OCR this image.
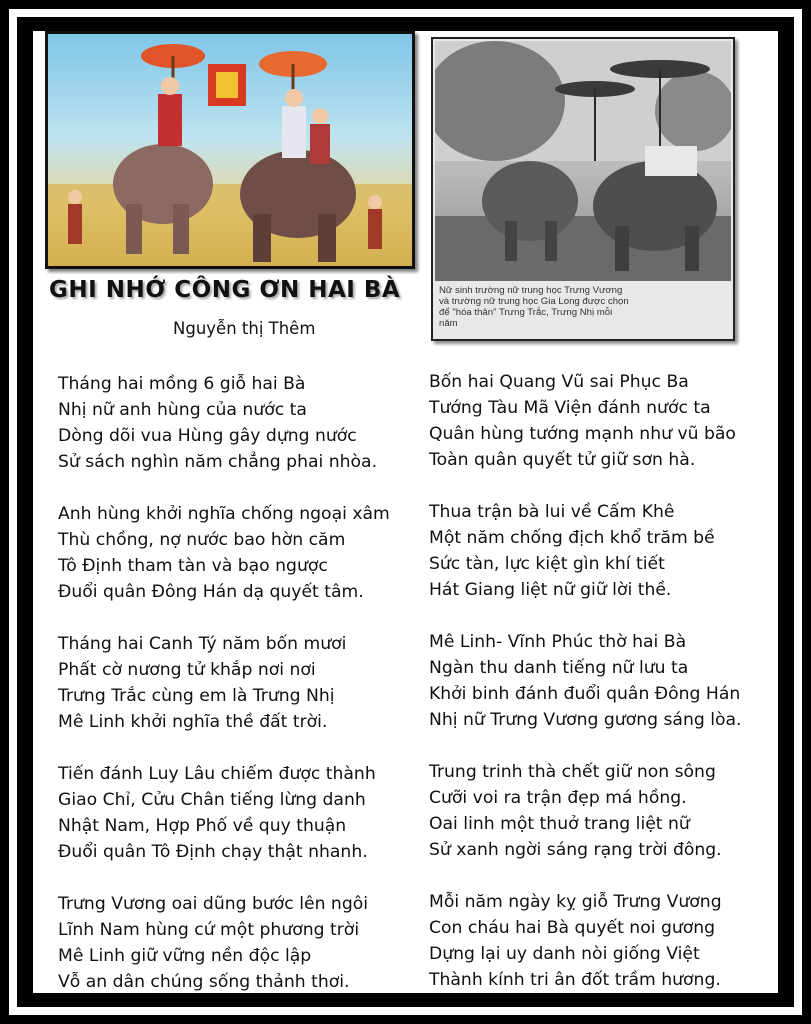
Nữ sinh trường nữ trung học Trưng Vương
và trường nữ trung học Gia Long được chọn
để "hóa thân" Trưng Trắc, Trưng Nhị mỗi
năm
GHI NHỚ CÔNG ƠN HAI BÀ
Nguyễn thị Thêm
Tháng hai mồng 6 giỗ hai Bà
Nhị nữ anh hùng của nước ta
Dòng dõi vua Hùng gây dựng nước
Sử sách nghìn năm chẳng phai nhòa.
Anh hùng khởi nghĩa chống ngoại xâm
Thù chồng, nợ nước bao hờn căm
Tô Định tham tàn và bạo ngược
Đuổi quân Đông Hán dạ quyết tâm.
Tháng hai Canh Tý năm bốn mươi
Phất cờ nương tử khắp nơi nơi
Trưng Trắc cùng em là Trưng Nhị
Mê Linh khởi nghĩa thề đất trời.
Tiến đánh Luy Lâu chiếm được thành
Giao Chỉ, Cửu Chân tiếng lừng danh
Nhật Nam, Hợp Phố về quy thuận
Đuổi quân Tô Định chạy thật nhanh.
Trưng Vương oai dũng bước lên ngôi
Lĩnh Nam hùng cứ một phương trời
Mê Linh giữ vững nền độc lập
Vỗ an dân chúng sống thảnh thơi.
Bốn hai Quang Vũ sai Phục Ba
Tướng Tàu Mã Viện đánh nước ta
Quân hùng tướng mạnh như vũ bão
Toàn quân quyết tử giữ sơn hà.
Thua trận bà lui về Cấm Khê
Một năm chống địch khổ trăm bề
Sức tàn, lực kiệt gìn khí tiết
Hát Giang liệt nữ giữ lời thề.
Mê Linh- Vĩnh Phúc thờ hai Bà
Ngàn thu danh tiếng nữ lưu ta
Khởi binh đánh đuổi quân Đông Hán
Nhị nữ Trưng Vương gương sáng lòa.
Trung trinh thà chết giữ non sông
Cưỡi voi ra trận đẹp má hồng.
Oai linh một thuở trang liệt nữ
Sử xanh ngời sáng rạng trời đông.
Mỗi năm ngày kỵ giỗ Trưng Vương
Con cháu hai Bà quyết noi gương
Dựng lại uy danh nòi giống Việt
Thành kính tri ân đốt trầm hương.
